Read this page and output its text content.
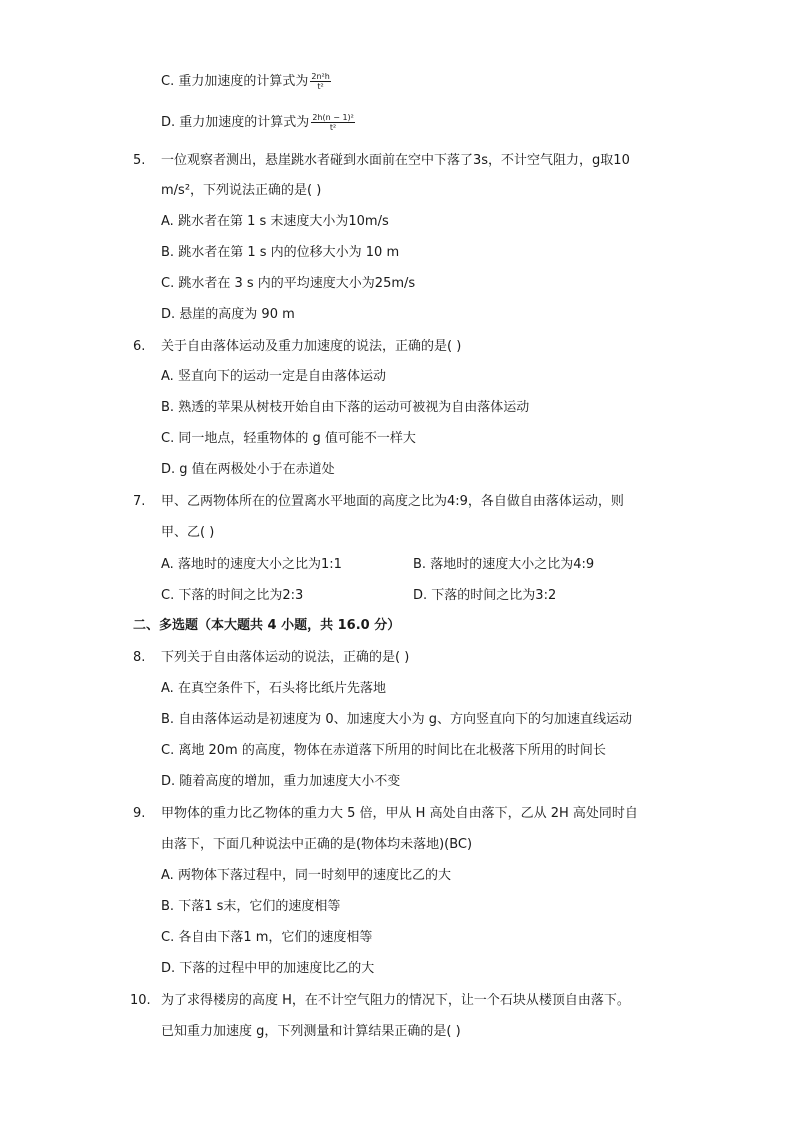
C. 重力加速度的计算式为 $\frac{\text{2n²h}}{\text{t²}}$
D. 重力加速度的计算式为 $\frac{\text{2h(n − 1)²}}{\text{t²}}$
5. 一位观察者测出，悬崖跳水者碰到水面前在空中下落了3s，不计空气阻力，g取10
m/s²，下列说法正确的是( )
A. 跳水者在第 1 s 末速度大小为10m/s
B. 跳水者在第 1 s 内的位移大小为 10 m
C. 跳水者在 3 s 内的平均速度大小为25m/s
D. 悬崖的高度为 90 m
6. 关于自由落体运动及重力加速度的说法，正确的是( )
A. 竖直向下的运动一定是自由落体运动
B. 熟透的苹果从树枝开始自由下落的运动可被视为自由落体运动
C. 同一地点，轻重物体的 g 值可能不一样大
D. g 值在两极处小于在赤道处
7. 甲、乙两物体所在的位置离水平地面的高度之比为4:9，各自做自由落体运动，则
甲、乙( )
A. 落地时的速度大小之比为1:1	B. 落地时的速度大小之比为4:9
C. 下落的时间之比为2:3	D. 下落的时间之比为3:2
二、多选题（本大题共 4 小题，共 16.0 分）
8. 下列关于自由落体运动的说法，正确的是( )
A. 在真空条件下，石头将比纸片先落地
B. 自由落体运动是初速度为 0、加速度大小为 g、方向竖直向下的匀加速直线运动
C. 离地 20m 的高度，物体在赤道落下所用的时间比在北极落下所用的时间长
D. 随着高度的增加，重力加速度大小不变
9. 甲物体的重力比乙物体的重力大 5 倍，甲从 H 高处自由落下，乙从 2H 高处同时自
由落下，下面几种说法中正确的是(物体均未落地)(BC)
A. 两物体下落过程中，同一时刻甲的速度比乙的大
B. 下落1 s末，它们的速度相等
C. 各自由下落1 m，它们的速度相等
D. 下落的过程中甲的加速度比乙的大
10. 为了求得楼房的高度 H，在不计空气阻力的情况下，让一个石块从楼顶自由落下。
已知重力加速度 g，下列测量和计算结果正确的是( )
